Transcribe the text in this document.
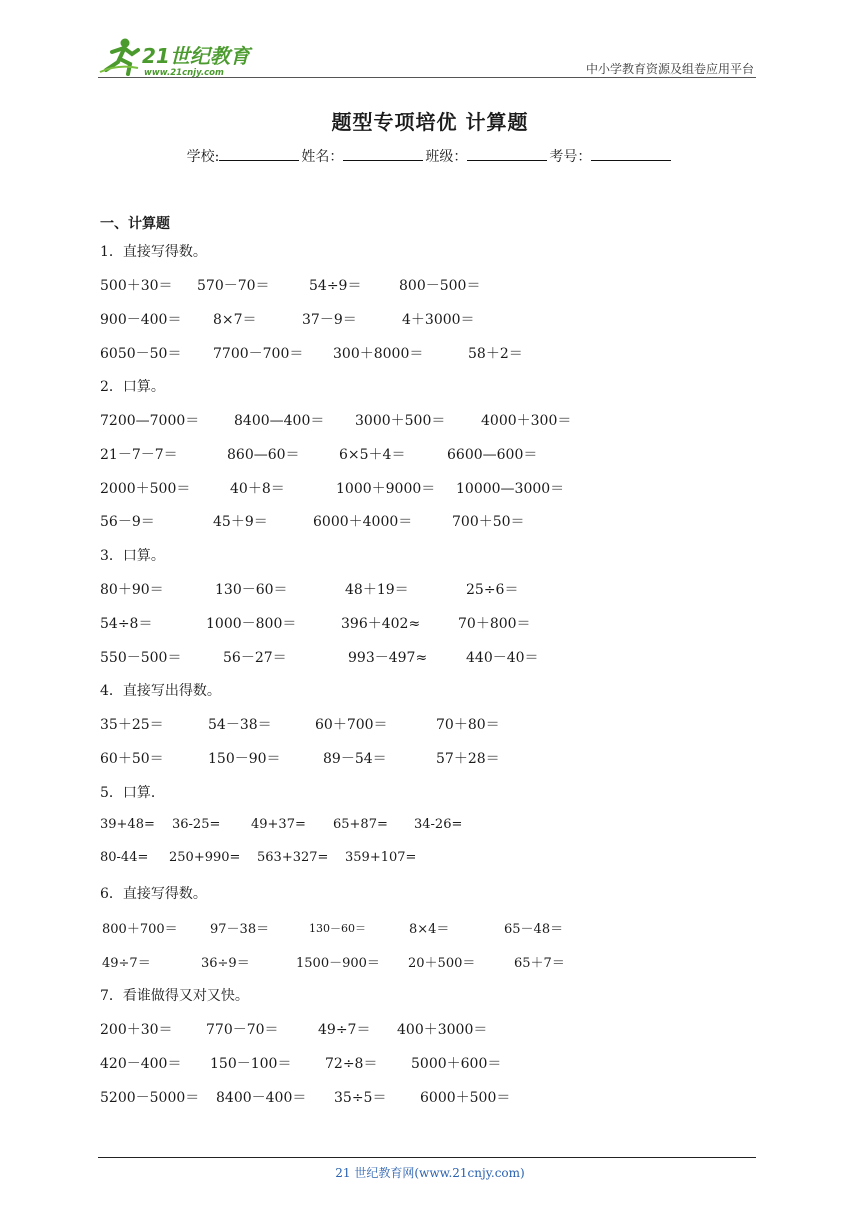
21世纪教育
www.21cnjy.com	中小学教育资源及组卷应用平台
题型专项培优 计算题
学校:	姓名：	班级：	考号：
一、计算题
1．直接写得数。
500＋30＝ 570－70＝	54÷9＝	800－500＝
900－400＝ 8×7＝	37－9＝	4＋3000＝
6050－50＝ 7700－700＝ 300＋8000＝	58＋2＝
2．口算。
7200—7000＝ 8400—400＝ 3000＋500＝	4000＋300＝
21－7－7＝	860—60＝	6×5＋4＝	6600—600＝
2000＋500＝	40＋8＝	1000＋9000＝ 10000—3000＝
56－9＝	45＋9＝	6000＋4000＝	700＋50＝
3．口算。
80＋90＝	130－60＝	48＋19＝	25÷6＝
54÷8＝	1000－800＝	396＋402≈	70＋800＝
550－500＝	56－27＝	993－497≈	440－40＝
4．直接写出得数。
35＋25＝	54－38＝	60＋700＝	70＋80＝
60＋50＝	150－90＝	89－54＝	57＋28＝
5．口算．
39+48= 36-25= 49+37= 65+87= 34-26=
80-44= 250+990= 563+327= 359+107=
6．直接写得数。
800＋700＝ 97－38＝	130－60＝	8×4＝	65－48＝
49÷7＝	36÷9＝	1500－900＝ 20＋500＝	65＋7＝
7．看谁做得又对又快。
200＋30＝ 770－70＝	49÷7＝ 400＋3000＝
420－400＝ 150－100＝ 72÷8＝ 5000＋600＝
5200－5000＝ 8400－400＝ 35÷5＝ 6000＋500＝
21 世纪教育网(www.21cnjy.com)
